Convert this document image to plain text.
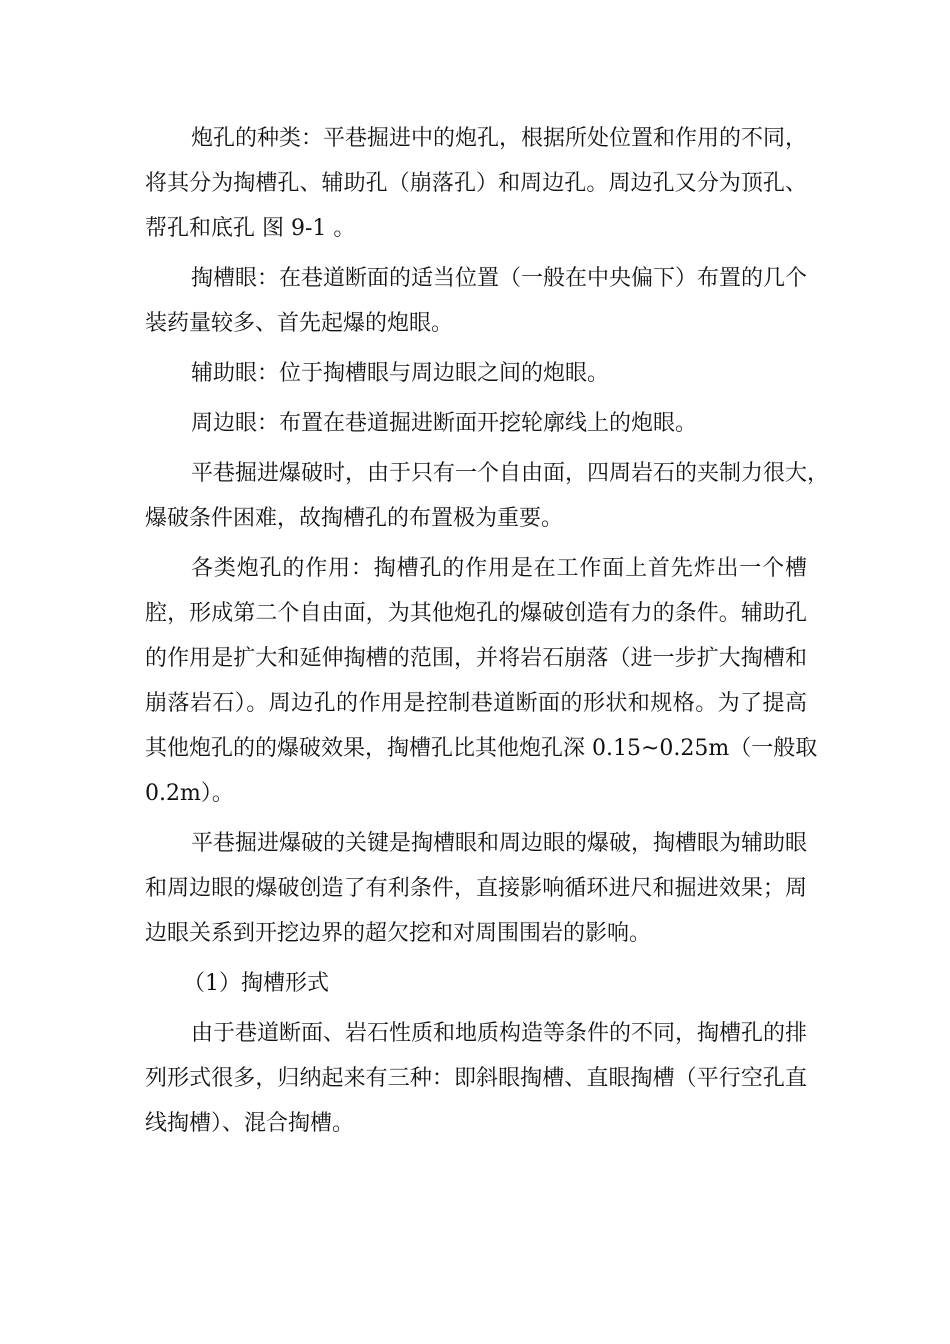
炮孔的种类：平巷掘进中的炮孔，根据所处位置和作用的不同，
将其分为掏槽孔、辅助孔（崩落孔）和周边孔。周边孔又分为顶孔、
帮孔和底孔 图 9-1 。
掏槽眼：在巷道断面的适当位置（一般在中央偏下）布置的几个
装药量较多、首先起爆的炮眼。
辅助眼：位于掏槽眼与周边眼之间的炮眼。
周边眼：布置在巷道掘进断面开挖轮廓线上的炮眼。
平巷掘进爆破时，由于只有一个自由面，四周岩石的夹制力很大，
爆破条件困难，故掏槽孔的布置极为重要。
各类炮孔的作用：掏槽孔的作用是在工作面上首先炸出一个槽
腔，形成第二个自由面，为其他炮孔的爆破创造有力的条件。辅助孔
的作用是扩大和延伸掏槽的范围，并将岩石崩落（进一步扩大掏槽和
崩落岩石）。周边孔的作用是控制巷道断面的形状和规格。为了提高
其他炮孔的的爆破效果，掏槽孔比其他炮孔深 0.15~0.25m（一般取
0.2m）。
平巷掘进爆破的关键是掏槽眼和周边眼的爆破，掏槽眼为辅助眼
和周边眼的爆破创造了有利条件，直接影响循环进尺和掘进效果；周
边眼关系到开挖边界的超欠挖和对周围围岩的影响。
（1）掏槽形式
由于巷道断面、岩石性质和地质构造等条件的不同，掏槽孔的排
列形式很多，归纳起来有三种：即斜眼掏槽、直眼掏槽（平行空孔直
线掏槽）、混合掏槽。
